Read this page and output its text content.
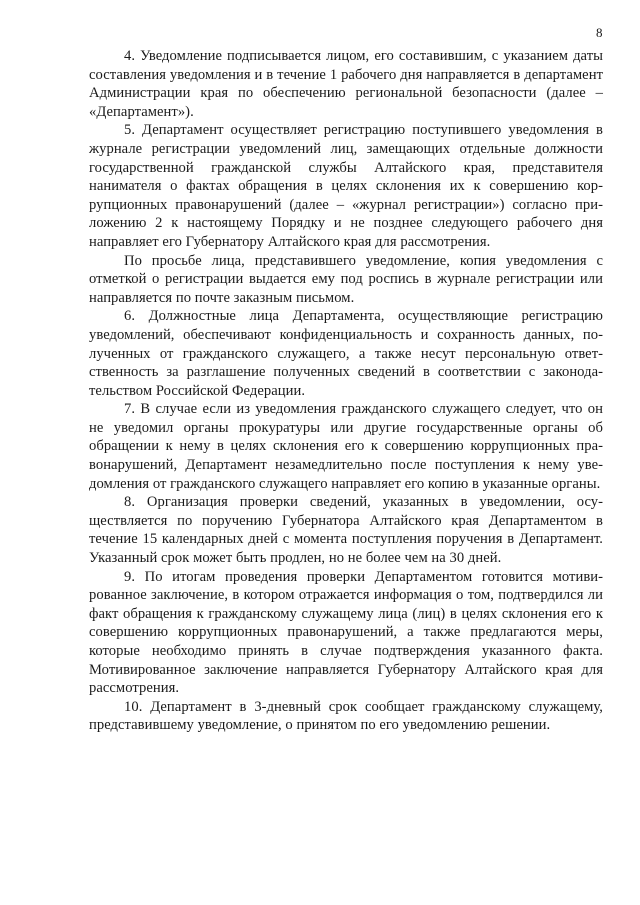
8

4. Уведомление подписывается лицом, его составившим, с указанием даты составления уведомления и в течение 1 рабочего дня направляется в департамент Администрации края по обеспечению региональной безопасности (далее – «Департамент»).

5. Департамент осуществляет регистрацию поступившего уведомления в журнале регистрации уведомлений лиц, замещающих отдельные должности государственной гражданской службы Алтайского края, представителя нанимателя о фактах обращения в целях склонения их к совершению коррупционных правонарушений (далее – «журнал регистрации») согласно приложению 2 к настоящему Порядку и не позднее следующего рабочего дня направляет его Губернатору Алтайского края для рассмотрения.

По просьбе лица, представившего уведомление, копия уведомления с отметкой о регистрации выдается ему под роспись в журнале регистрации или направляется по почте заказным письмом.

6. Должностные лица Департамента, осуществляющие регистрацию уведомлений, обеспечивают конфиденциальность и сохранность данных, полученных от гражданского служащего, а также несут персональную ответственность за разглашение полученных сведений в соответствии с законодательством Российской Федерации.

7. В случае если из уведомления гражданского служащего следует, что он не уведомил органы прокуратуры или другие государственные органы об обращении к нему в целях склонения его к совершению коррупционных правонарушений, Департамент незамедлительно после поступления к нему уведомления от гражданского служащего направляет его копию в указанные органы.

8. Организация проверки сведений, указанных в уведомлении, осуществляется по поручению Губернатора Алтайского края Департаментом в течение 15 календарных дней с момента поступления поручения в Департамент. Указанный срок может быть продлен, но не более чем на 30 дней.

9. По итогам проведения проверки Департаментом готовится мотивированное заключение, в котором отражается информация о том, подтвердился ли факт обращения к гражданскому служащему лица (лиц) в целях склонения его к совершению коррупционных правонарушений, а также предлагаются меры, которые необходимо принять в случае подтверждения указанного факта. Мотивированное заключение направляется Губернатору Алтайского края для рассмотрения.

10. Департамент в 3-дневный срок сообщает гражданскому служащему, представившему уведомление, о принятом по его уведомлению решении.
